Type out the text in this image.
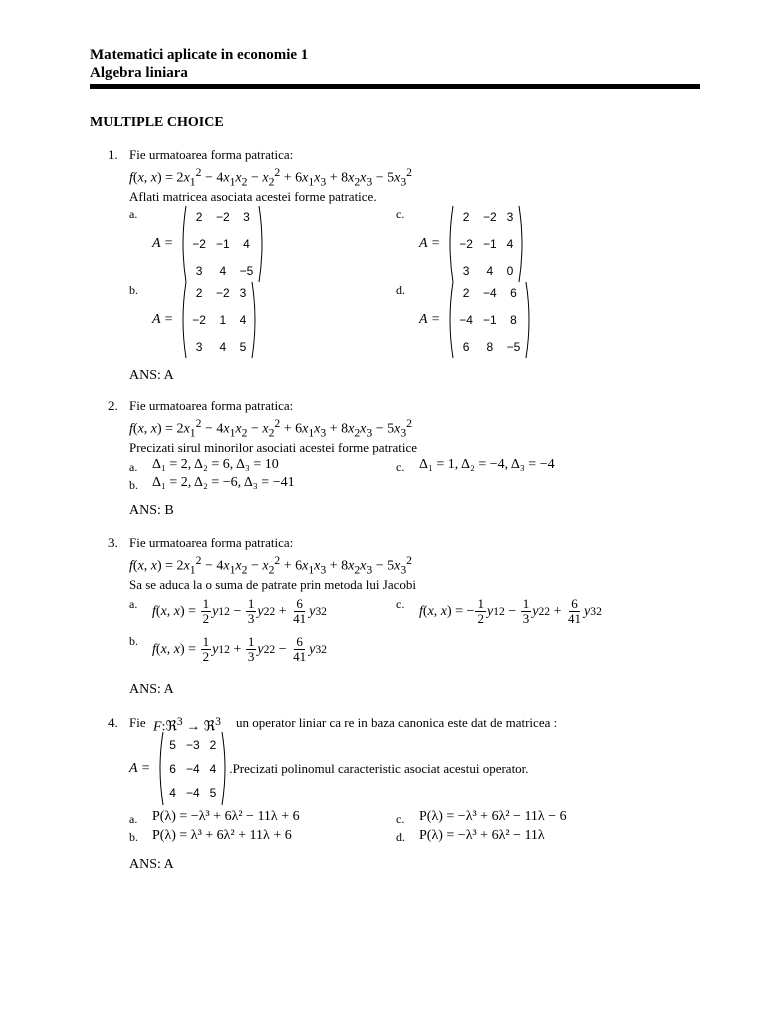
Matematici aplicate in economie 1
Algebra liniara
MULTIPLE CHOICE
1. Fie urmatoarea forma patratica:
f(x, $x) = 2x_1^2 - 4x_1x_2 - x_2^2 + 6x_1x_3 + 8x_2x_3 - 5x_3^2$
Aflati matricea asociata acestei forme patratice.
a.
A =
2	−2	3
−2	−1	4
3	4	−5
c.
A =
2	−2	3
−2	−1	4
3	4	0
b.
A =
2	−2	3
−2	1	4
3	4	5
d.
A =
2	−4	6
−4	−1	8
6	8	−5
ANS: A
2. Fie urmatoarea forma patratica:
f(x, $x) = 2x_1^2 - 4x_1x_2 - x_2^2 + 6x_1x_3 + 8x_2x_3 - 5x_3^2$
Precizati sirul minorilor asociati acestei forme patratice
a. Δ₁ = 2, Δ₂ = 6, Δ₃ = 10	c. Δ₁ = 1, Δ₂ = −4, Δ₃ = −4
b. Δ₁ = 2, Δ₂ = −6, Δ₃ = −41
ANS: B
3. Fie urmatoarea forma patratica:
f(x, $x) = 2x_1^2 - 4x_1x_2 - x_2^2 + 6x_1x_3 + 8x_2x_3 - 5x_3^2$
Sa se aduca la o suma de patrate prin metoda lui Jacobi
a. f ( x , x ) = $\frac{1}{2}$ y 1 $2 - \frac{1}{3}$ y 2 $2 + \frac{6}{41}$ y 3 2
c. f ( x , x ) = − $\frac{1}{2}$ y 1 $2 - \frac{1}{3}$ y 2 $2 + \frac{6}{41}$ y 3 2
b.
f ( x , x ) = $\frac{1}{2}$ y 1 $2 + \frac{1}{3}$ y 2 $2 - \frac{6}{41}$ y 3 2
ANS: A
4. Fie F:ℜ$^3$ → ℜ$^3$ un operator liniar ca re in baza canonica este dat de matricea :
A =
5	−3	2
6	−4	4
4	−4	5
.Precizati polinomul caracteristic asociat acestui operator.
a. P(λ) = −λ³ + 6λ² − 11λ + 6	c. P(λ) = −λ³ + 6λ² − 11λ − 6
b. P(λ) = λ³ + 6λ² + 11λ + 6	d. P(λ) = −λ³ + 6λ² − 11λ
ANS: A
